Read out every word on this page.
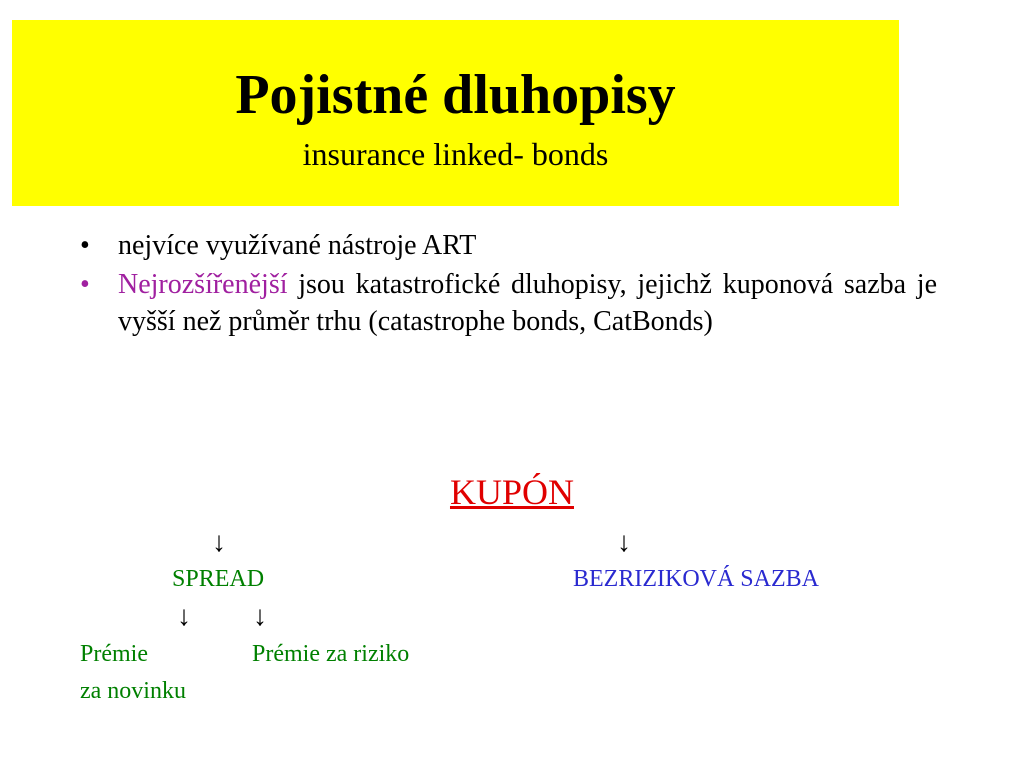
Pojistné dluhopisy
insurance linked- bonds
• nejvíce využívané nástroje ART
• Nejrozšířenější jsou katastrofické dluhopisy, jejichž kuponová sazba je vyšší než průměr trhu (catastrophe bonds, CatBonds)
KUPÓN
↓	↓
SPREAD	BEZRIZIKOVÁ SAZBA
↓ ↓
Prémie	Prémie za riziko
za novinku
